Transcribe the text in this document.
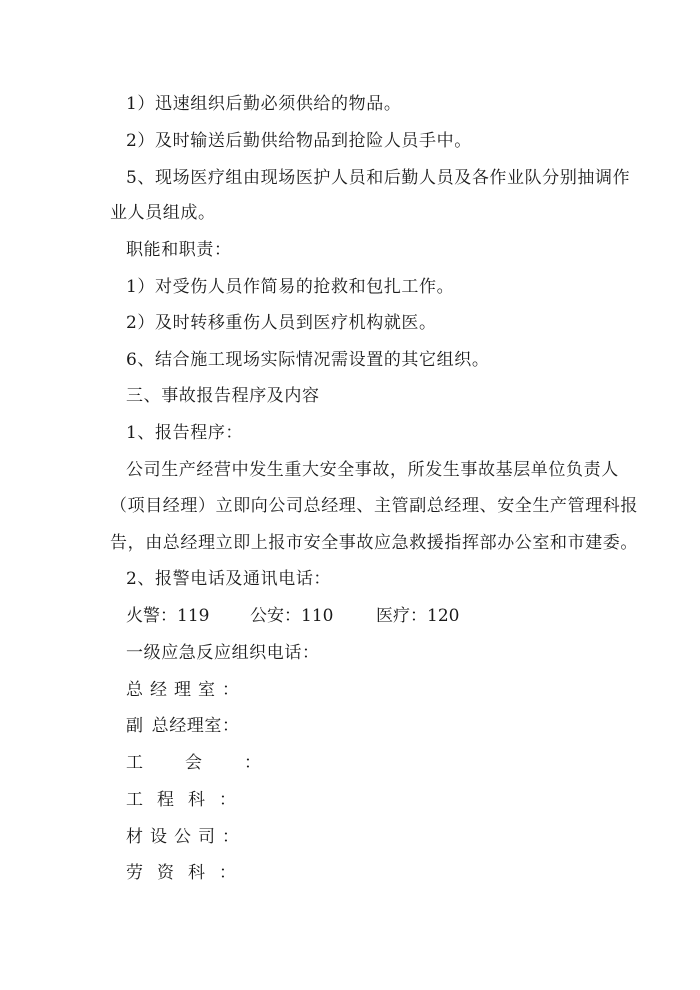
1）迅速组织后勤必须供给的物品。
2）及时输送后勤供给物品到抢险人员手中。
5、现场医疗组由现场医护人员和后勤人员及各作业队分别抽调作
业人员组成。
职能和职责：
1）对受伤人员作简易的抢救和包扎工作。
2）及时转移重伤人员到医疗机构就医。
6、结合施工现场实际情况需设置的其它组织。
三、事故报告程序及内容
1、报告程序：
公司生产经营中发生重大安全事故，所发生事故基层单位负责人
（项目经理）立即向公司总经理、主管副总经理、安全生产管理科报
告，由总经理立即上报市安全事故应急救援指挥部办公室和市建委。
2、报警电话及通讯电话：
火警：119 公安：110	医疗：120
一级应急反应组织电话：
总经理室：
副 总经理室：
工会：
工程科：
材设公司：
劳资科：
